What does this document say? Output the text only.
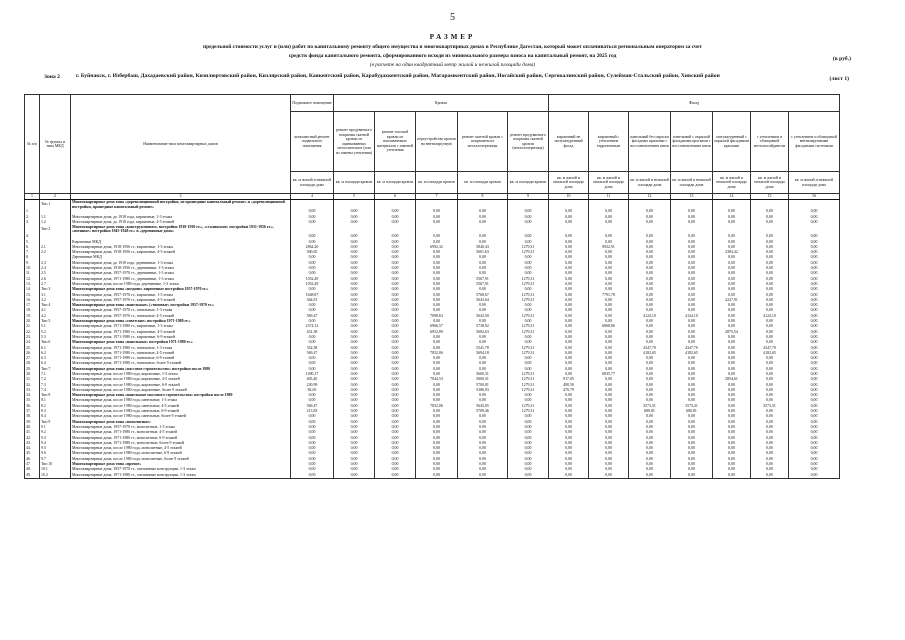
5
РАЗМЕР
предельной стоимости услуг и (или) работ по капитальному ремонту общего имущества в многоквартирных домах в Республике Дагестан, который может оплачиваться региональным оператором за счет
средств фонда капитального ремонта, сформированного исходя из минимального размера взноса на капитальный ремонт, на 2025 год
(в расчете на один квадратный метр жилой и нежилой площади дома)
(в руб.)
Зона 2	г. Буйнакск, г. Избербаш, Дахадаевский район, Кизилюртовский район, Кизлярский район, Каякентский район, Карабудахкентский район, Магарамкентский район, Ногайский район, Сергокалинский район, Сулейман-Стальский район, Хивский район	(лист 1)
№ п/п	№ группы и типа МКД	Наименование типа многоквартирных домов	Подвальное помещение	Кровля					Фасад						
			комплексный ремонт подвального помещения	ремонт продуваемого покрытия скатной кровли из оцинкованных металлических (или из замены утепления)	ремонт плоской кровли из наплавляемых материалов с заменой утепления	переустройство кровли на вентилируемую	ремонт скатной кровли с покрытием из металлочерепицы	ремонт продуваемого покрытия скатной кровли (металлочерепица)	кирпичный не оштукатуренный фасад	кирпичный с утеплением терразитовым	панельный без окраски фасадных красками с восстановлением швов	панельный с окраской фасадными красками с восстановлением швов	оштукатуренный с окраской фасадными красками	с утеплением и облицовкой металлосайдингом	с утеплением и облицовкой вентилируемыми фасадными системами
			кв. м жилой и нежилой площади дома	кв. м площади кровли	кв. м площади кровли	кв. м площади кровли	кв. м площади кровли	кв. м площади кровли	кв. м жилой и нежилой площади дома	кв. м жилой и нежилой площади дома	кв. м жилой и нежилой площади дома	кв. м жилой и нежилой площади дома	кв. м жилой и нежилой площади дома	кв. м жилой и нежилой площади дома	кв. м жилой и нежилой площади дома
1	2	3	4	5	6	7	8	9	10	11	12	13	14	15	16
	Тип 1	Многоквартирные дома типа «дореволюционной постройки, не прошедшие капитальный ремонт» и «дореволюционной постройки, прошедшие капитальный ремонт»													
1.			0,00	0,00	0,00	0,00	0,00	0,00	0,00	0,00	0,00	0,00	0,00	0,00	0,00
2.	1.1	Многоквартирные дома, до 1918 года, кирпичные, 1-3 этажа	0,00	0,00	0,00	0,00	0,00	0,00	0,00	0,00	0,00	0,00	0,00	0,00	0,00
3.	1.2	Многоквартирные дома, до 1918 года, кирпичные, 4-5 этажей	0,00	0,00	0,00	0,00	0,00	0,00	0,00	0,00	0,00	0,00	0,00	0,00	0,00
	Тип 2	Многоквартирные дома типа «конструктивизм» постройки 1918-1930 гг.», «сталинские» постройки 1931-1956 гг.», «военные» постройки 1945-1948 гг.» и «деревянные дома»													
4.			0,00	0,00	0,00	0,00	0,00	0,00	0,00	0,00	0,00	0,00	0,00	0,00	0,00
5.		Кирпичные МКД	0,00	0,00	0,00	0,00	0,00	0,00	0,00	0,00	0,00	0,00	0,00	0,00	0,00
6.	2.1	Многоквартирные дома, 1918-1956 гг., кирпичные, 1-3 этажа	2864,20	0,00	0,00	6992,32	5840,43	1279,31	0,00	9922,91	0,00	0,00	0,00	0,00	0,00
7.	2.2	Многоквартирные дома, 1918-1956 гг., кирпичные, 4-5 этажей	300,65	0,00	0,00	0,00	5601,63	1279,31	0,00	0,00	0,00	0,00	2384,42	0,00	0,00
8.		Деревянные МКД	0,00	0,00	0,00	0,00	0,00	0,00	0,00	0,00	0,00	0,00	0,00	0,00	0,00
9.	2.3	Многоквартирные дома, до 1918 года, деревянные, 1-3 этажа	0,00	0,00	0,00	0,00	0,00	0,00	0,00	0,00	0,00	0,00	0,00	0,00	0,00
10.	2.4	Многоквартирные дома, 1918-1956 гг., деревянные, 1-3 этажа	0,00	0,00	0,00	0,00	0,00	0,00	0,00	0,00	0,00	0,00	0,00	0,00	0,00
11.	2.5	Многоквартирные дома, 1957-1970 гг., деревянные, 1-3 этажа	0,00	0,00	0,00	0,00	0,00	0,00	0,00	0,00	0,00	0,00	0,00	0,00	0,00
12.	2.6	Многоквартирные дома, 1971-1980 гг., деревянные, 1-3 этажа	1052,49	0,00	0,00	0,00	5567,91	1279,31	0,00	0,00	0,00	0,00	0,00	0,00	0,00
13.	2.7	Многоквартирные дома, после 1980 года, деревянные, 1-3 этажа	1052,49	0,00	0,00	0,00	5567,91	1279,31	0,00	0,00	0,00	0,00	0,00	0,00	0,00
14.	Тип 3	Многоквартирные дома типа «поздние» кирпичные постройки 1957-1970 гг.»	0,00	0,00	0,00	0,00	0,00	0,00	0,00	0,00	0,00	0,00	0,00	0,00	0,00
15.	3.1	Многоквартирные дома, 1957-1970 гг., кирпичные, 1-3 этажа	1648,87	0,00	0,00	0,00	5768,67	1279,31	0,00	7791,78	0,00	0,00	0,00	0,00	0,00
16.	3.2	Многоквартирные дома, 1957-1970 гг., кирпичные, 4-5 этажей	364,81	0,00	0,00	0,00	5643,64	1279,31	0,00	0,00	0,00	0,00	2227,91	0,00	0,00
17.	Тип 4	Многоквартирные дома типа «панельные» («типовые» постройки 1957-1970 гг.»	0,00	0,00	0,00	0,00	0,00	0,00	0,00	0,00	0,00	0,00	0,00	0,00	0,00
18.	4.1	Многоквартирные дома, 1957-1970 гг., панельные, 1-3 этажа	0,00	0,00	0,00	0,00	0,00	0,00	0,00	0,00	0,00	0,00	0,00	0,00	0,00
19.	4.2	Многоквартирные дома, 1957-1970 гг., панельные, 4-5 этажей	569,47	0,00	0,00	7098,63	5643,50	1279,31	0,00	0,00	4124,10	4124,10	0,00	4124,10	0,00
20.	Тип 5	Многоквартирные дома типа «советские» постройки 1971-1980 гг.»	0,00	0,00	0,00	0,00	0,00	0,00	0,00	0,00	0,00	0,00	0,00	0,00	0,00
21.	5.1	Многоквартирные дома, 1971-1980 гг., кирпичные, 1-3 этажа	2374,12	0,00	0,00	6966,57	5738,92	1279,31	0,00	6868,86	0,00	0,00	0,00	0,00	0,00
22.	5.2	Многоквартирные дома, 1971-1980 гг., кирпичные, 4-5 этажей	431,38	0,00	0,00	6952,89	5682,63	1279,31	0,00	0,00	0,00	0,00	2875,54	0,00	0,00
23.	5.3	Многоквартирные дома, 1971-1980 гг., кирпичные, 6-9 этажей	0,00	0,00	0,00	0,00	0,00	0,00	0,00	0,00	0,00	0,00	0,00	0,00	0,00
24.	Тип 6	Многоквартирные дома типа «панельные» постройки 1971-1980 гг.»	0,00	0,00	0,00	0,00	0,00	0,00	0,00	0,00	0,00	0,00	0,00	0,00	0,00
25.	6.1	Многоквартирные дома, 1971-1980 гг., панельные, 1-3 этажа	352,58	0,00	0,00	0,00	5541,78	1279,31	0,00	0,00	4347,70	4347,70	0,00	4347,70	0,00
26.	6.2	Многоквартирные дома, 1971-1980 гг., панельные, 4-5 этажей	569,47	0,00	0,00	7052,06	5694,18	1279,31	0,00	0,00	4182,65	4182,65	0,00	4182,65	0,00
27.	6.3	Многоквартирные дома, 1971-1980 гг., панельные, 6-9 этажей	0,00	0,00	0,00	0,00	0,00	0,00	0,00	0,00	0,00	0,00	0,00	0,00	0,00
28.	6.4	Многоквартирные дома, 1971-1980 гг., панельные, более 9 этажей	0,00	0,00	0,00	0,00	0,00	0,00	0,00	0,00	0,00	0,00	0,00	0,00	0,00
29.	Тип 7	Многоквартирные дома типа «массовое строительство» постройки после 1980	0,00	0,00	0,00	0,00	0,00	0,00	0,00	0,00	0,00	0,00	0,00	0,00	0,00
30.	7.1	Многоквартирные дома, после 1980 года, кирпичные, 1-3 этажа	1490,17	0,00	0,00	0,00	5660,31	1279,31	0,00	6835,77	0,00	0,00	0,00	0,00	0,00
31.	7.2	Многоквартирные дома, после 1980 года, кирпичные, 4-5 этажей	405,40	0,00	0,00	7044,53	5660,31	1279,31	917,05	0,00	0,00	0,00	2854,61	0,00	0,00
32.	7.3	Многоквартирные дома, после 1980 года, кирпичные, 6-9 этажей	230,99	0,00	0,00	0,00	5700,81	1279,31	490,50	0,00	0,00	0,00	0,00	0,00	0,00
33.	7.4	Многоквартирные дома, после 1980 года, кирпичные, более 9 этажей	82,65	0,00	0,00	0,00	5386,93	1279,31	470,79	0,00	0,00	0,00	0,00	0,00	0,00
34.	Тип 8	Многоквартирные дома типа «панельные массового строительства» постройки после 1980	0,00	0,00	0,00	0,00	0,00	0,00	0,00	0,00	0,00	0,00	0,00	0,00	0,00
35.	8.1	Многоквартирные дома, после 1980 года, панельные, 1-3 этажа	0,00	0,00	0,00	0,00	0,00	0,00	0,00	0,00	0,00	0,00	0,00	0,00	0,00
36.	8.2	Многоквартирные дома, после 1980 года, панельные, 4-5 этажей	569,47	0,00	0,00	7052,06	5643,05	1279,31	0,00	0,00	3573,31	3573,31	0,00	3573,31	0,00
37.	8.3	Многоквартирные дома, после 1980 года, панельные, 6-9 этажей	213,83	0,00	0,00	0,00	5709,46	1279,31	0,00	0,00	680,81	680,81	0,00	0,00	0,00
38.	8.4	Многоквартирные дома, после 1980 года, панельные, более 9 этажей	0,00	0,00	0,00	0,00	0,00	0,00	0,00	0,00	0,00	0,00	0,00	0,00	0,00
39.	Тип 9	Многоквартирные дома типа «монолитные»	0,00	0,00	0,00	0,00	0,00	0,00	0,00	0,00	0,00	0,00	0,00	0,00	0,00
40.	9.1	Многоквартирные дома, 1957-1970 гг., монолитные, 1-3 этажа	0,00	0,00	0,00	0,00	0,00	0,00	0,00	0,00	0,00	0,00	0,00	0,00	0,00
41.	9.2	Многоквартирные дома, 1971-1980 гг., монолитные, 4-5 этажей	0,00	0,00	0,00	0,00	0,00	0,00	0,00	0,00	0,00	0,00	0,00	0,00	0,00
42.	9.3	Многоквартирные дома, 1971-1980 гг., монолитные, 6-9 этажей	0,00	0,00	0,00	0,00	0,00	0,00	0,00	0,00	0,00	0,00	0,00	0,00	0,00
43.	9.4	Многоквартирные дома, 1971-1980 гг., монолитные, более 9 этажей	0,00	0,00	0,00	0,00	0,00	0,00	0,00	0,00	0,00	0,00	0,00	0,00	0,00
44.	9.5	Многоквартирные дома, после 1980 года, монолитные, 4-5 этажей	0,00	0,00	0,00	0,00	0,00	0,00	0,00	0,00	0,00	0,00	0,00	0,00	0,00
45.	9.6	Многоквартирные дома, после 1980 года, монолитные, 6-9 этажей	0,00	0,00	0,00	0,00	0,00	0,00	0,00	0,00	0,00	0,00	0,00	0,00	0,00
46.	9.7	Многоквартирные дома, после 1980 года, монолитные, более 9 этажей	0,00	0,00	0,00	0,00	0,00	0,00	0,00	0,00	0,00	0,00	0,00	0,00	0,00
47.	Тип 10	Многоквартирные дома типа «прочие»	0,00	0,00	0,00	0,00	0,00	0,00	0,00	0,00	0,00	0,00	0,00	0,00	0,00
48.	10.1	Многоквартирные дома, 1957-1970 гг., смешанные конструкции, 1-3 этажа	0,00	0,00	0,00	0,00	0,00	0,00	0,00	0,00	0,00	0,00	0,00	0,00	0,00
49.	10.2	Многоквартирные дома, 1971-1980 гг., смешанные конструкции, 1-3 этажа	0,00	0,00	0,00	0,00	0,00	0,00	0,00	0,00	0,00	0,00	0,00	0,00	0,00
